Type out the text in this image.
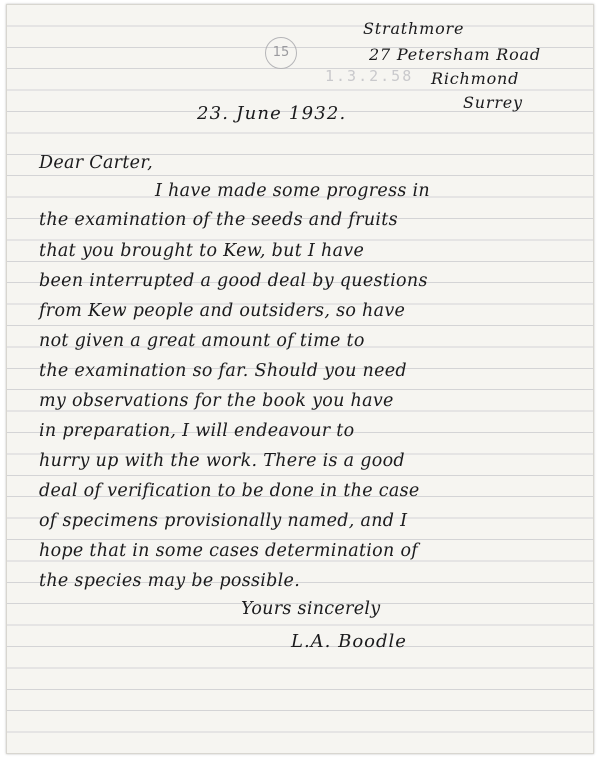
15
1.3.2.58
Strathmore
27 Petersham Road
Richmond
Surrey
23. June 1932.
Dear Carter,
I have made some progress in
the examination of the seeds and fruits
that you brought to Kew, but I have
been interrupted a good deal by questions
from Kew people and outsiders, so have
not given a great amount of time to
the examination so far. Should you need
my observations for the book you have
in preparation, I will endeavour to
hurry up with the work. There is a good
deal of verification to be done in the case
of specimens provisionally named, and I
hope that in some cases determination of
the species may be possible.
Yours sincerely
L.A. Boodle
